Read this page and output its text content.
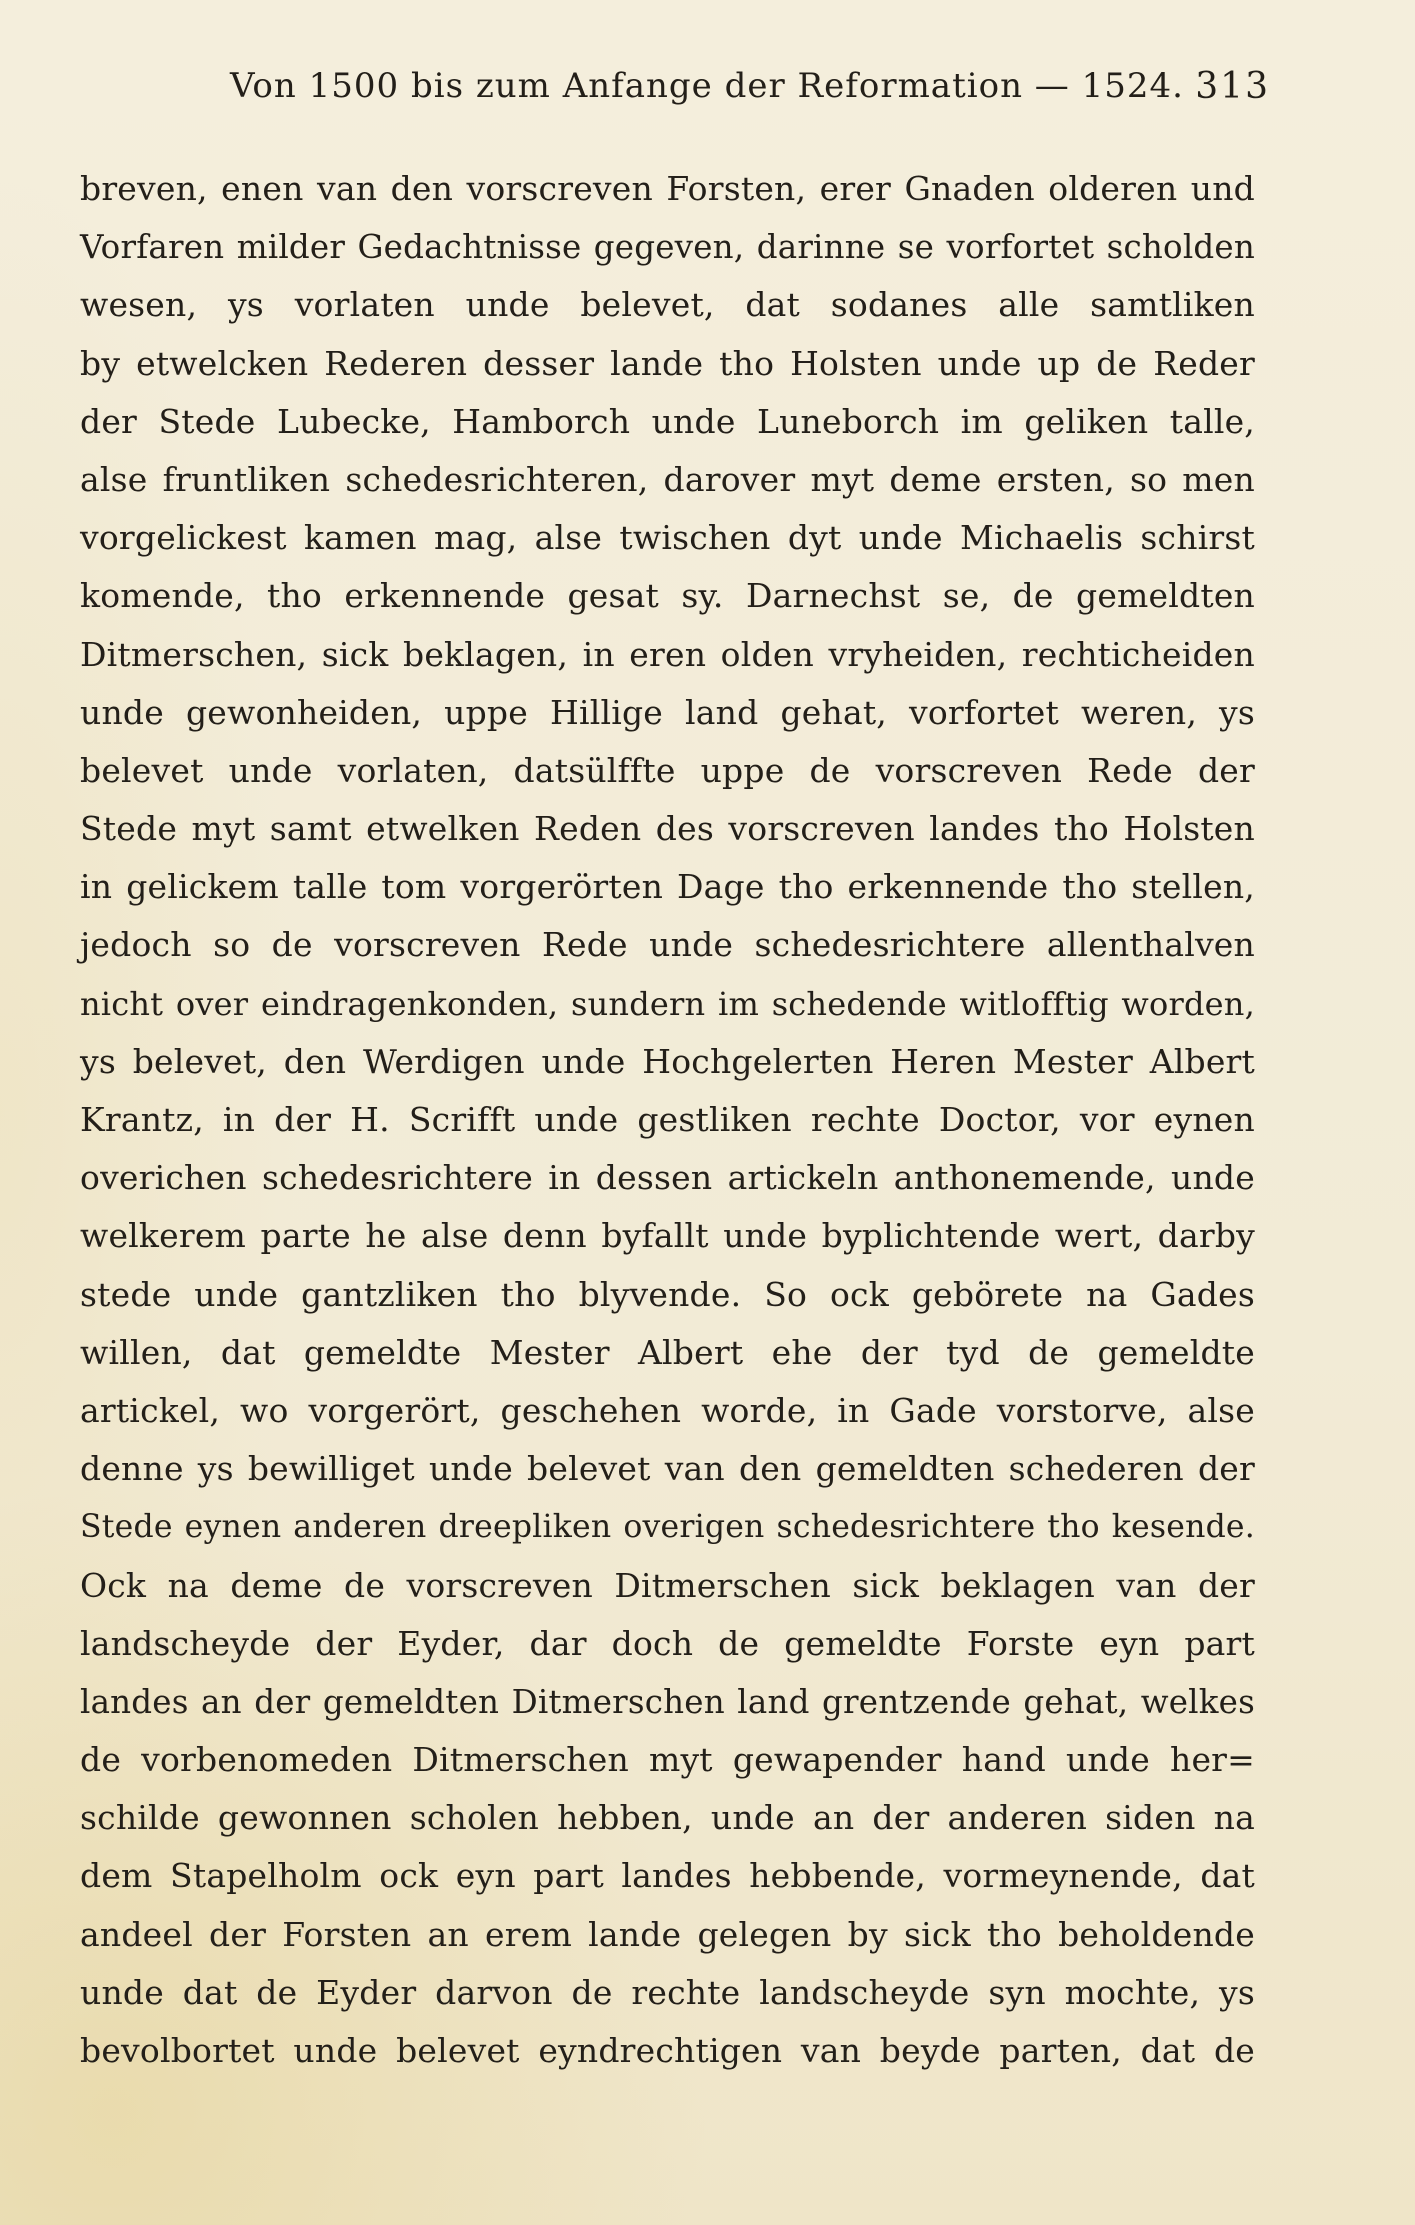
Von 1500 bis zum Anfange der Reformation — 1524. 313
breven, enen van den vorscreven Forsten, erer Gnaden olderen und
Vorfaren milder Gedachtnisse gegeven, darinne se vorfortet scholden
wesen, ys vorlaten unde belevet, dat sodanes alle samtliken
by etwelcken Rederen desser lande tho Holsten unde up de Reder
der Stede Lubecke, Hamborch unde Luneborch im geliken talle,
alse fruntliken schedesrichteren, darover myt deme ersten, so men
vorgelickest kamen mag, alse twischen dyt unde Michaelis schirst
komende, tho erkennende gesat sy. Darnechst se, de gemeldten
Ditmerschen, sick beklagen, in eren olden vryheiden, rechticheiden
unde gewonheiden, uppe Hillige land gehat, vorfortet weren, ys
belevet unde vorlaten, datsülffte uppe de vorscreven Rede der
Stede myt samt etwelken Reden des vorscreven landes tho Holsten
in gelickem talle tom vorgerörten Dage tho erkennende tho stellen,
jedoch so de vorscreven Rede unde schedesrichtere allenthalven
nicht over eindragenkonden, sundern im schedende witlofftig worden,
ys belevet, den Werdigen unde Hochgelerten Heren Mester Albert
Krantz, in der H. Scrifft unde gestliken rechte Doctor, vor eynen
overichen schedesrichtere in dessen artickeln anthonemende, unde
welkerem parte he alse denn byfallt unde byplichtende wert, darby
stede unde gantzliken tho blyvende. So ock gebörete na Gades
willen, dat gemeldte Mester Albert ehe der tyd de gemeldte
artickel, wo vorgerört, geschehen worde, in Gade vorstorve, alse
denne ys bewilliget unde belevet van den gemeldten schederen der
Stede eynen anderen dreepliken overigen schedesrichtere tho kesende.
Ock na deme de vorscreven Ditmerschen sick beklagen van der
landscheyde der Eyder, dar doch de gemeldte Forste eyn part
landes an der gemeldten Ditmerschen land grentzende gehat, welkes
de vorbenomeden Ditmerschen myt gewapender hand unde her=
schilde gewonnen scholen hebben, unde an der anderen siden na
dem Stapelholm ock eyn part landes hebbende, vormeynende, dat
andeel der Forsten an erem lande gelegen by sick tho beholdende
unde dat de Eyder darvon de rechte landscheyde syn mochte, ys
bevolbortet unde belevet eyndrechtigen van beyde parten, dat de
